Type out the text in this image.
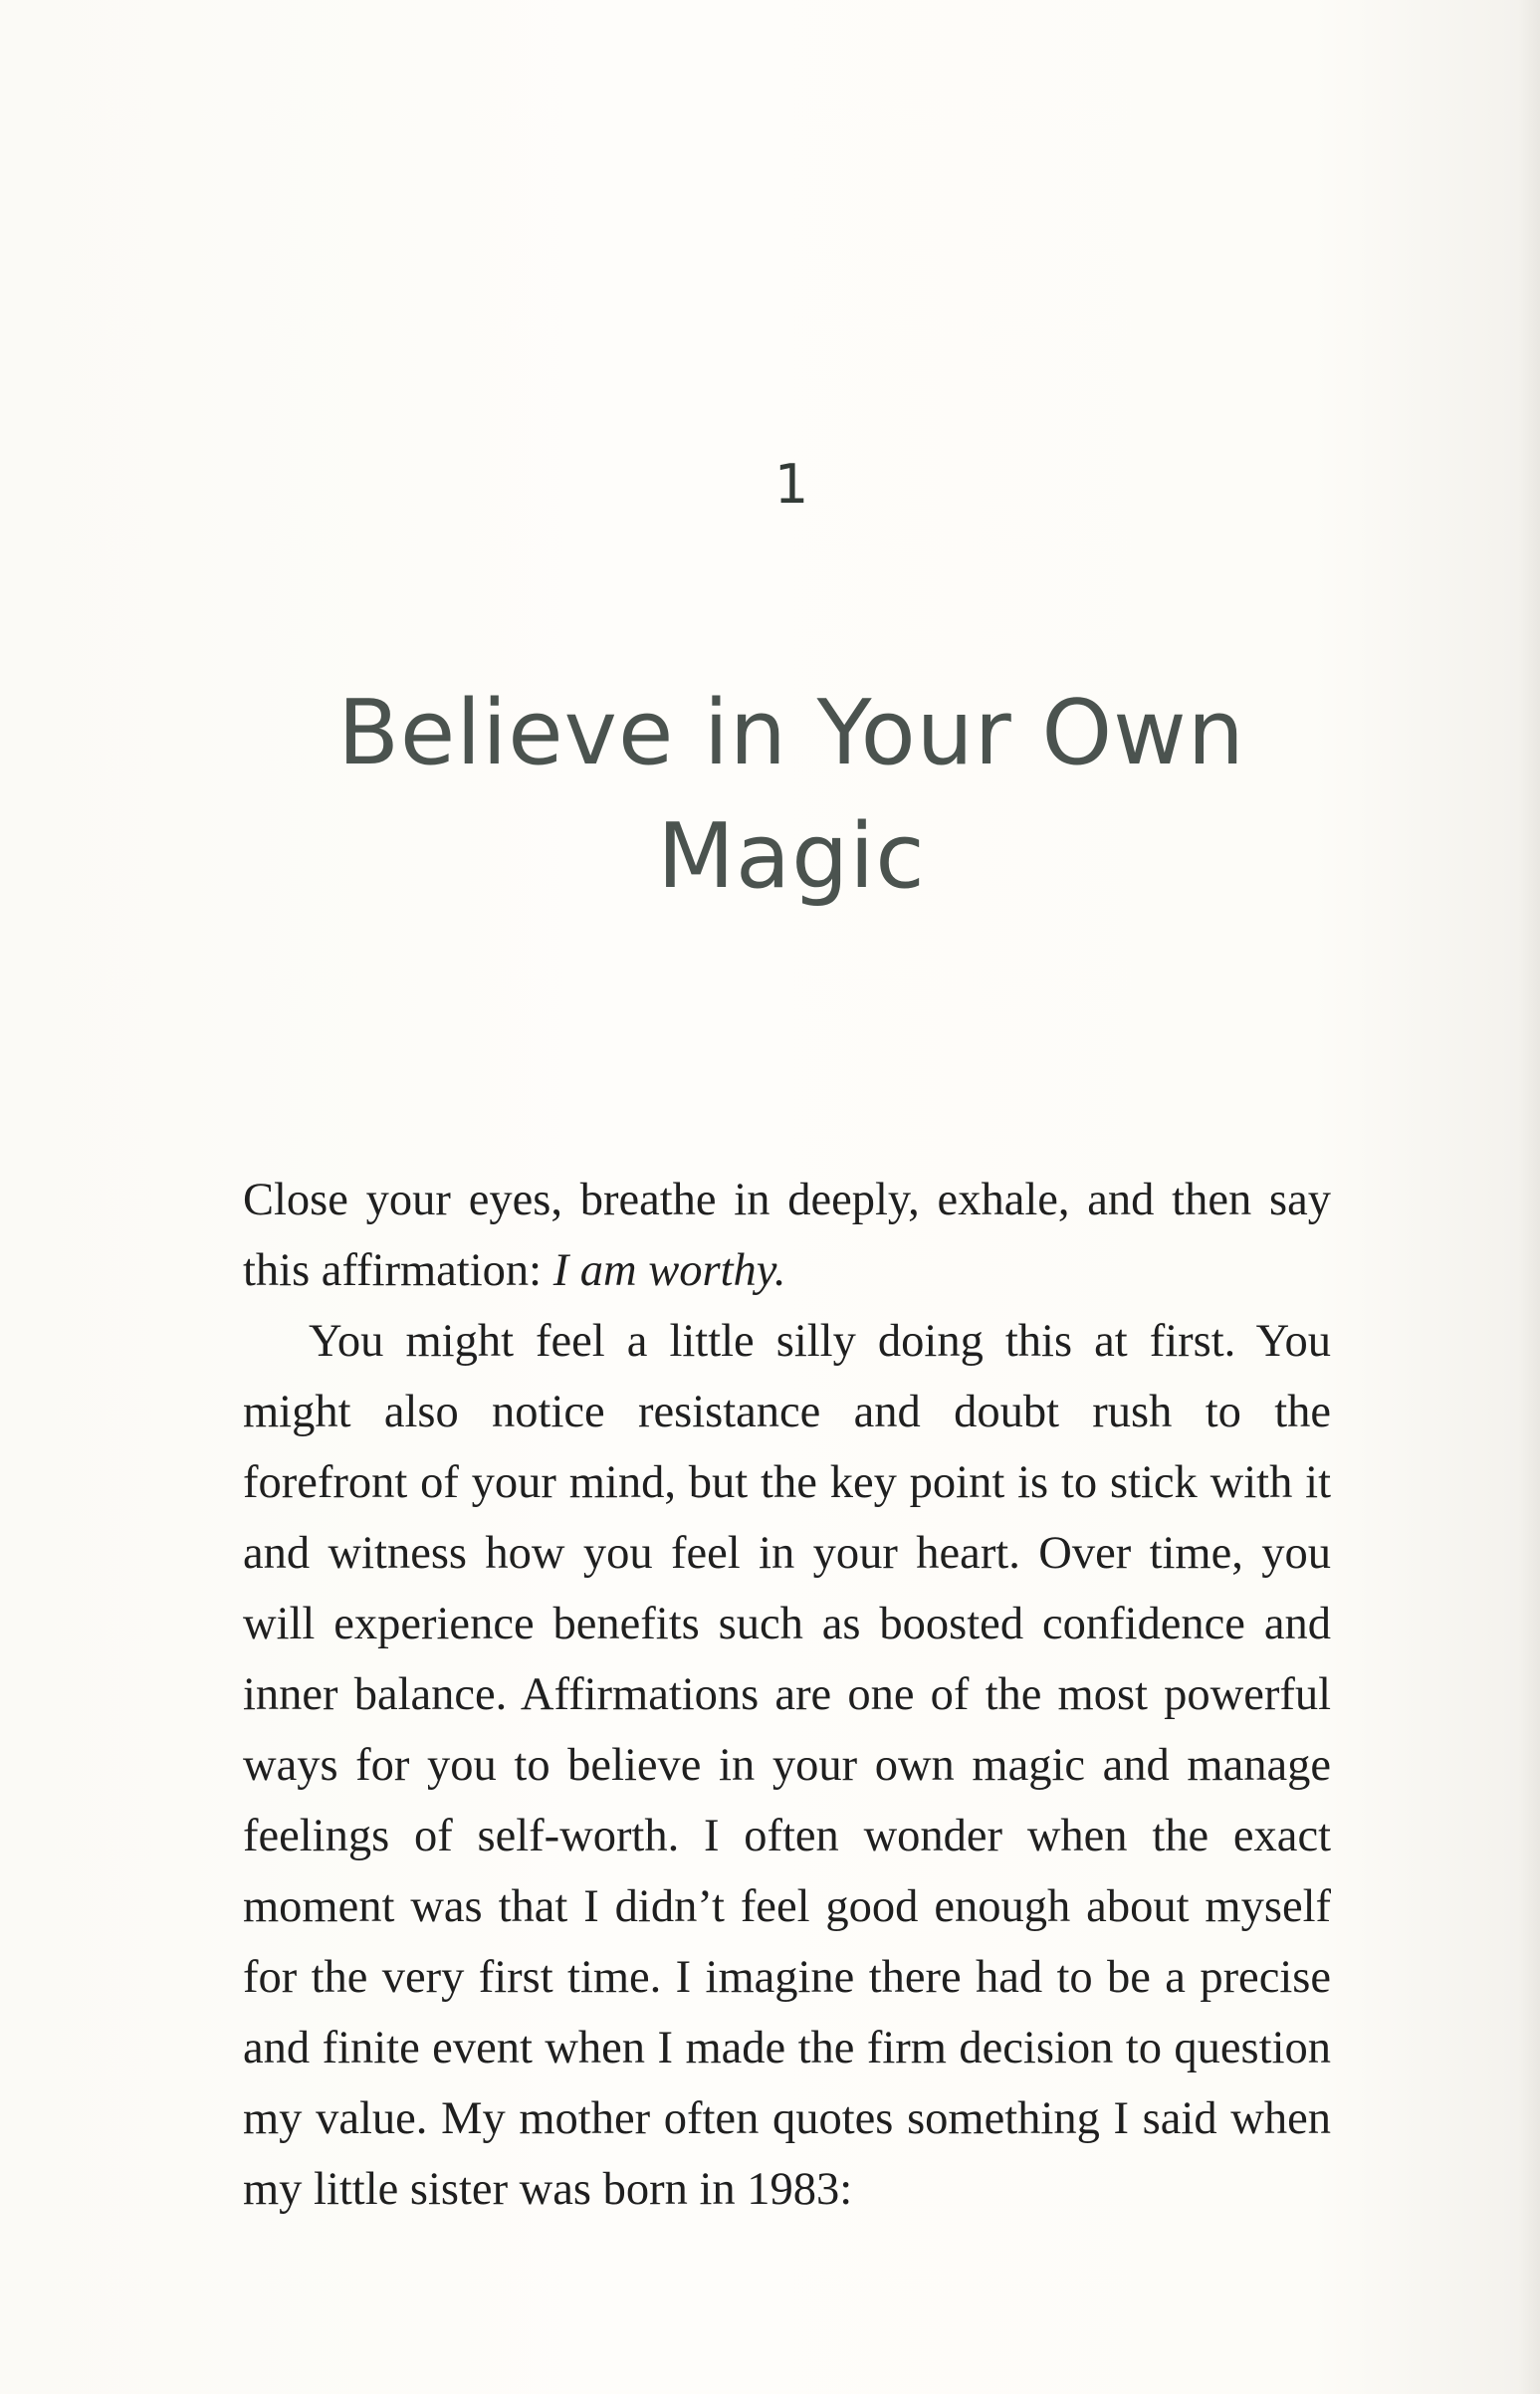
1
Believe in Your Own
Magic

Close your eyes, breathe in deeply, exhale, and then say this affirmation: I am worthy.

You might feel a little silly doing this at first. You might also notice resistance and doubt rush to the forefront of your mind, but the key point is to stick with it and witness how you feel in your heart. Over time, you will experience benefits such as boosted confidence and inner balance. Affirmations are one of the most powerful ways for you to believe in your own magic and manage feelings of self-worth. I often wonder when the exact moment was that I didn’t feel good enough about myself for the very first time. I imagine there had to be a precise and finite event when I made the firm decision to question my value. My mother often quotes something I said when my little sister was born in 1983:
